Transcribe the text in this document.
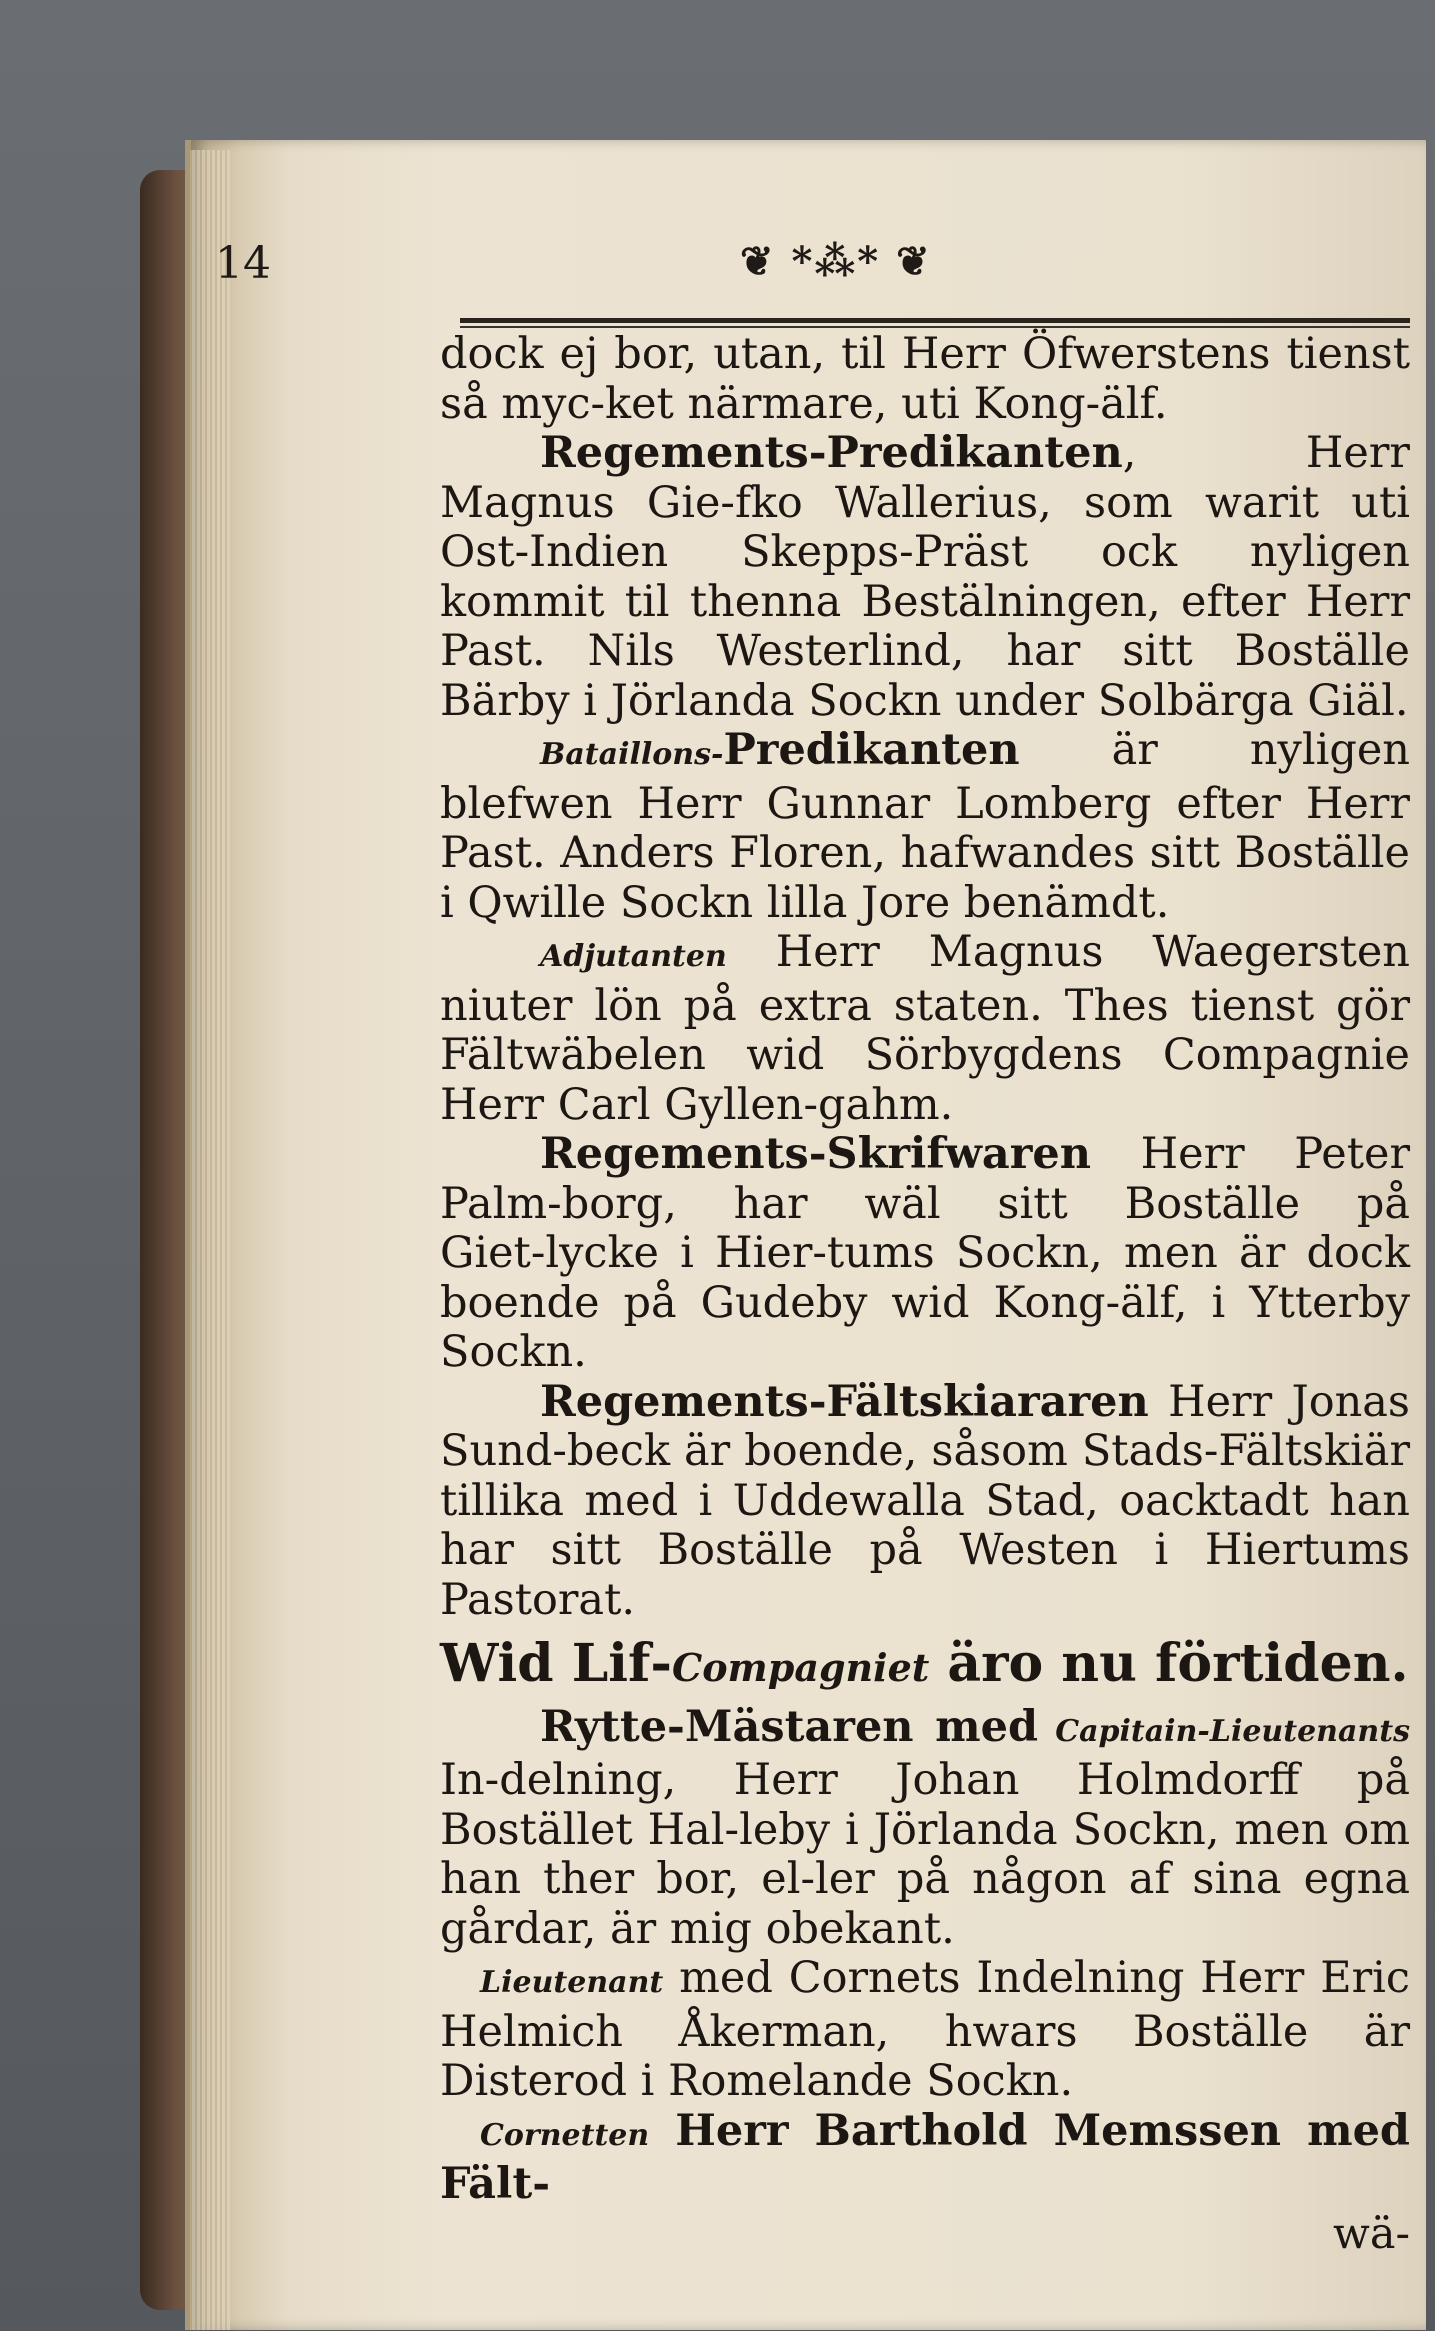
14	❦ *⁂* ❦

dock ej bor, utan, til Herr Öfwerstens tienst så myc‑ket närmare, uti Kong‑älf.

Regements‑Predikanten, Herr Magnus Gie‑fko Wallerius, som warit uti Ost‑Indien Skepps‑Präst ock nyligen kommit til thenna Bestälningen, efter Herr Past. Nils Westerlind, har sitt Boställe Bärby i Jörlanda Sockn under Solbärga Giäl.

Bataillons‑Predikanten är nyligen blefwen Herr Gunnar Lomberg efter Herr Past. Anders Floren, hafwandes sitt Boställe i Qwille Sockn lilla Jore benämdt.

Adjutanten Herr Magnus Waegersten niuter lön på extra staten. Thes tienst gör Fältwäbelen wid Sörbygdens Compagnie Herr Carl Gyllen‑gahm.

Regements‑Skrifwaren Herr Peter Palm‑borg, har wäl sitt Boställe på Giet‑lycke i Hier‑tums Sockn, men är dock boende på Gudeby wid Kong‑älf, i Ytterby Sockn.

Regements‑Fältskiararen Herr Jonas Sund‑beck är boende, såsom Stads‑Fältskiär tillika med i Uddewalla Stad, oacktadt han har sitt Boställe på Westen i Hiertums Pastorat.

Wid Lif‑Compagniet äro nu förtiden.

Rytte‑Mästaren med Capitain‑Lieutenants In‑delning, Herr Johan Holmdorff på Bostället Hal‑leby i Jörlanda Sockn, men om han ther bor, el‑ler på någon af sina egna gårdar, är mig obekant.

Lieutenant med Cornets Indelning Herr Eric Helmich Åkerman, hwars Boställe är Disterod i Romelande Sockn.

Cornetten Herr Barthold Memssen med Fält‑

wä‑
